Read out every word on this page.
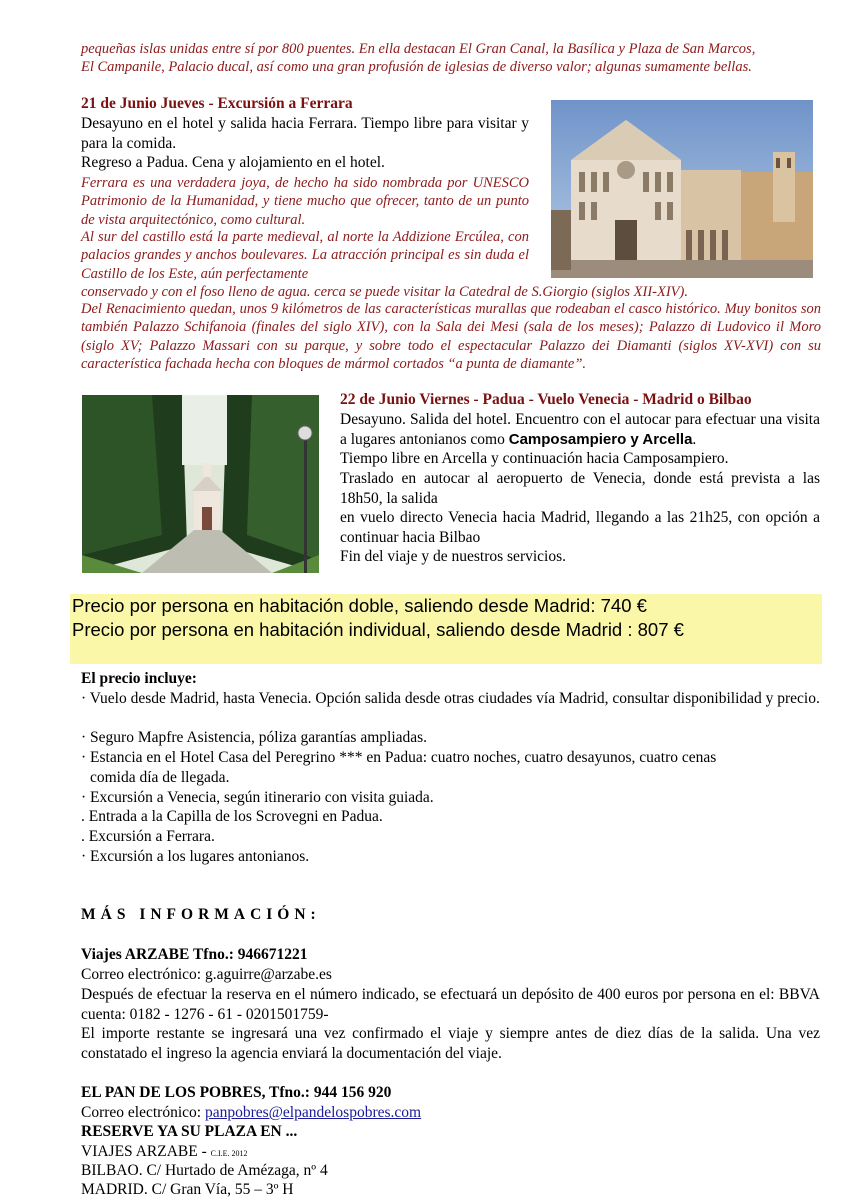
pequeñas islas unidas entre sí por 800 puentes. En ella destacan El Gran Canal, la Basílica y Plaza de San Marcos,
El Campanile, Palacio ducal, así como una gran profusión de iglesias de diverso valor; algunas sumamente bellas.
21 de Junio Jueves - Excursión a Ferrara
Desayuno en el hotel y salida hacia Ferrara. Tiempo libre para visitar y para la comida.
Regreso a Padua. Cena y alojamiento en el hotel.
Ferrara es una verdadera joya, de hecho ha sido nombrada por UNESCO Patrimonio de la Humanidad, y tiene mucho que ofrecer, tanto de un punto de vista arquitectónico, como cultural.
Al sur del castillo está la parte medieval, al norte la Addizione Ercúlea, con palacios grandes y anchos boulevares. La atracción principal es sin duda el Castillo de los Este, aún perfectamente
conservado y con el foso lleno de agua. cerca se puede visitar la Catedral de S.Giorgio (siglos XII-XIV).
Del Renacimiento quedan, unos 9 kilómetros de las características murallas que rodeaban el casco histórico. Muy bonitos son también Palazzo Schifanoia (finales del siglo XIV), con la Sala dei Mesi (sala de los meses); Palazzo di Ludovico il Moro (siglo XV; Palazzo Massari con su parque, y sobre todo el espectacular Palazzo dei Diamanti (siglos XV-XVI) con su característica fachada hecha con bloques de mármol cortados “a punta de diamante”.
22 de Junio Viernes - Padua - Vuelo Venecia - Madrid o Bilbao
Desayuno. Salida del hotel. Encuentro con el autocar para efectuar una visita a lugares antonianos como Camposampiero y Arcella.
Tiempo libre en Arcella y continuación hacia Camposampiero.
Traslado en autocar al aeropuerto de Venecia, donde está prevista a las 18h50, la salida
en vuelo directo Venecia hacia Madrid, llegando a las 21h25, con opción a continuar hacia Bilbao
Fin del viaje y de nuestros servicios.
Precio por persona en habitación doble, saliendo desde Madrid: 740 €
Precio por persona en habitación individual, saliendo desde Madrid : 807 €
El precio incluye:
· Vuelo desde Madrid, hasta Venecia. Opción salida desde otras ciudades vía Madrid, consultar disponibilidad y precio.
· Seguro Mapfre Asistencia, póliza garantías ampliadas.
· Estancia en el Hotel Casa del Peregrino *** en Padua: cuatro noches, cuatro desayunos, cuatro cenas
comida día de llegada.
· Excursión a Venecia, según itinerario con visita guiada.
. Entrada a la Capilla de los Scrovegni en Padua.
. Excursión a Ferrara.
· Excursión a los lugares antonianos.
MÁS INFORMACIÓN:
Viajes ARZABE Tfno.: 946671221
Correo electrónico: g.aguirre@arzabe.es
Después de efectuar la reserva en el número indicado, se efectuará un depósito de 400 euros por persona en el: BBVA cuenta: 0182 - 1276 - 61 - 0201501759-
El importe restante se ingresará una vez confirmado el viaje y siempre antes de diez días de la salida. Una vez constatado el ingreso la agencia enviará la documentación del viaje.
EL PAN DE LOS POBRES, Tfno.: 944 156 920
Correo electrónico: panpobres@elpandelospobres.com
RESERVE YA SU PLAZA EN ...
VIAJES ARZABE - C.I.E. 2012
BILBAO. C/ Hurtado de Amézaga, nº 4
MADRID. C/ Gran Vía, 55 – 3º H
